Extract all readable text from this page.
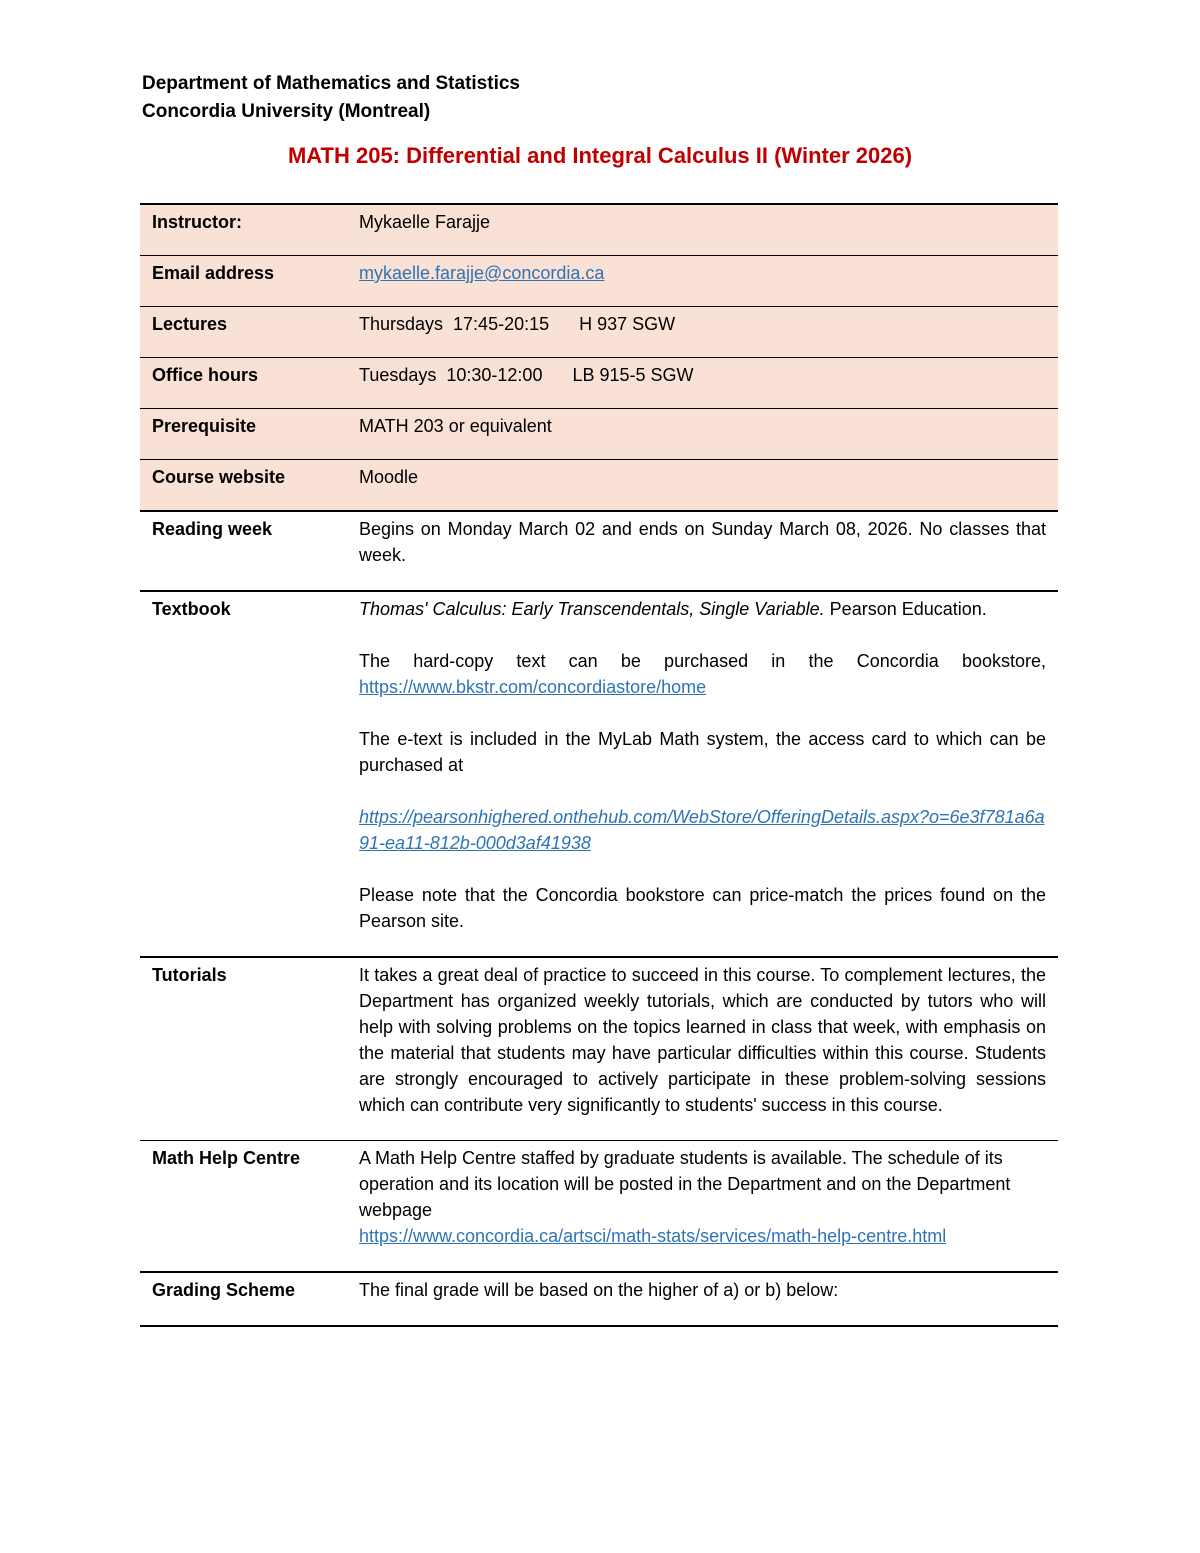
Department of Mathematics and Statistics
Concordia University (Montreal)
MATH 205: Differential and Integral Calculus II (Winter 2026)
Instructor:	Mykaelle Farajje
Email address	mykaelle.farajje@concordia.ca
Lectures	Thursdays  17:45-20:15 H 937 SGW
Office hours	Tuesdays  10:30-12:00 LB 915-5 SGW
Prerequisite	MATH 203 or equivalent
Course website	Moodle
Reading week	Begins on Monday March 02 and ends on Sunday March 08, 2026. No classes that week.

Textbook	Thomas' Calculus: Early Transcendentals, Single Variable. Pearson Education.

The hard-copy text can be purchased in the Concordia bookstore, https://www.bkstr.com/concordiastore/home

The e-text is included in the MyLab Math system, the access card to which can be purchased at

https://pearsonhighered.onthehub.com/WebStore/OfferingDetails.aspx?o=6e3f781a6a91-ea11-812b-000d3af41938

Please note that the Concordia bookstore can price-match the prices found on the Pearson site.

Tutorials	It takes a great deal of practice to succeed in this course. To complement lectures, the Department has organized weekly tutorials, which are conducted by tutors who will help with solving problems on the topics learned in class that week, with emphasis on the material that students may have particular difficulties within this course. Students are strongly encouraged to actively participate in these problem-solving sessions which can contribute very significantly to students' success in this course.

Math Help Centre	A Math Help Centre staffed by graduate students is available. The schedule of its operation and its location will be posted in the Department and on the Department webpage

https://www.concordia.ca/artsci/math-stats/services/math-help-centre.html

Grading Scheme	The final grade will be based on the higher of a) or b) below:
